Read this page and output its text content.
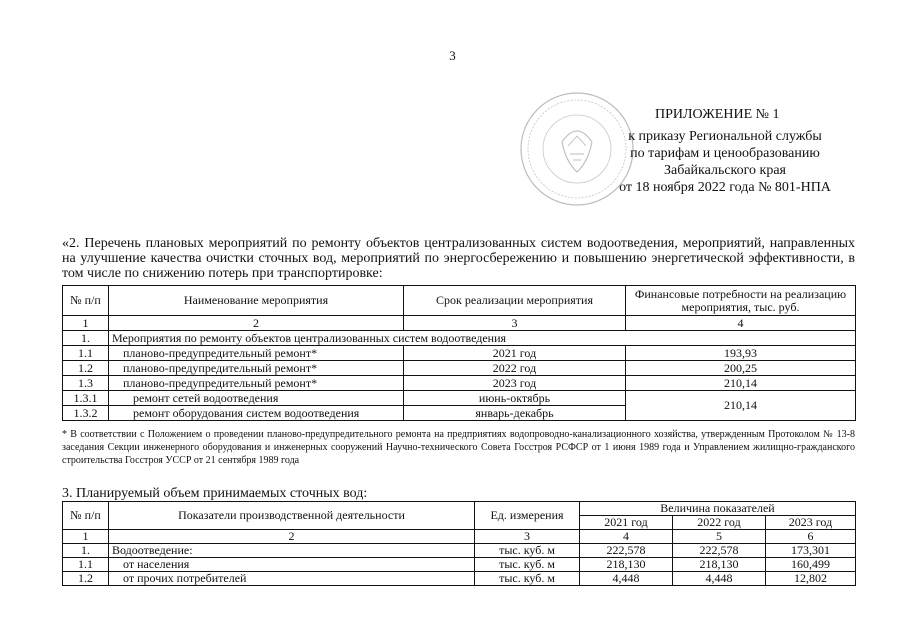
3
ПРИЛОЖЕНИЕ № 1
к приказу Региональной службы
по тарифам и ценообразованию
Забайкальского края
от 18 ноября 2022 года № 801-НПА
«2. Перечень плановых мероприятий по ремонту объектов централизованных систем водоотведения, мероприятий, направленных на улучшение качества очистки сточных вод, мероприятий по энергосбережению и повышению энергетической эффективности, в том числе по снижению потерь при транспортировке:
№ п/п	Наименование мероприятия	Срок реализации мероприятия	Финансовые потребности на реализацию мероприятия, тыс. руб.
1	2	3	4
1.	Мероприятия по ремонту объектов централизованных систем водоотведения		
1.1	планово-предупредительный ремонт*	2021 год	193,93
1.2	планово-предупредительный ремонт*	2022 год	200,25
1.3	планово-предупредительный ремонт*	2023 год	210,14
1.3.1	ремонт сетей водоотведения	июнь-октябрь	210,14
1.3.2	ремонт оборудования систем водоотведения	январь-декабрь	
* В соответствии с Положением о проведении планово-предупредительного ремонта на предприятиях водопроводно-канализационного хозяйства, утвержденным Протоколом № 13-8 заседания Секции инженерного оборудования и инженерных сооружений Научно-технического Совета Госстроя РСФСР от 1 июня 1989 года и Управлением жилищно-гражданского строительства Госстроя УССР от 21 сентября 1989 года
3. Планируемый объем принимаемых сточных вод:
№ п/п	Показатели производственной деятельности	Ед. измерения	Величина показателей		
			2021 год	2022 год	2023 год
1	2	3	4	5	6
1.	Водоотведение:	тыс. куб. м	222,578	222,578	173,301
1.1	от населения	тыс. куб. м	218,130	218,130	160,499
1.2	от прочих потребителей	тыс. куб. м	4,448	4,448	12,802
